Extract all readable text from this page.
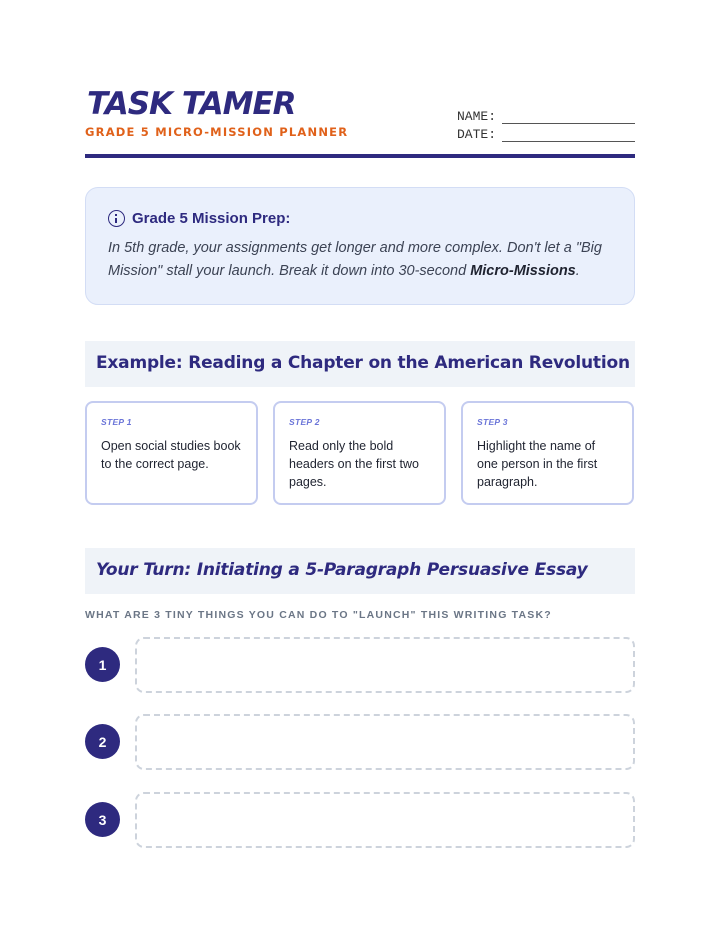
TASK TAMER
GRADE 5 MICRO-MISSION PLANNER
NAME:
DATE:
Grade 5 Mission Prep:
In 5th grade, your assignments get longer and more complex. Don't let a "Big Mission" stall your launch. Break it down into 30-second Micro-Missions.
Example: Reading a Chapter on the American Revolution
STEP 1
Open social studies book to the correct page.
STEP 2
Read only the bold headers on the first two pages.
STEP 3
Highlight the name of one person in the first paragraph.
Your Turn: Initiating a 5-Paragraph Persuasive Essay
WHAT ARE 3 TINY THINGS YOU CAN DO TO "LAUNCH" THIS WRITING TASK?
1
2
3
